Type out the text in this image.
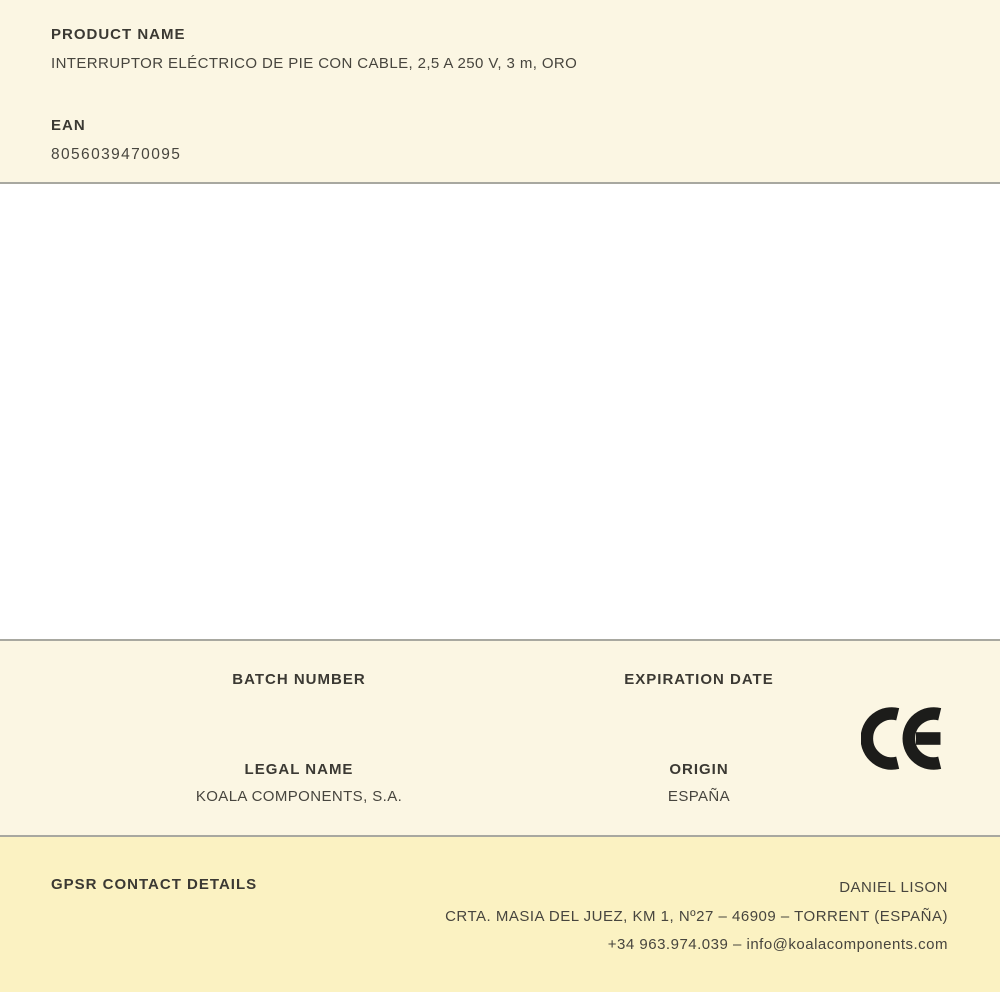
PRODUCT NAME
INTERRUPTOR ELÉCTRICO DE PIE CON CABLE, 2,5 A 250 V, 3 m, ORO
EAN
8056039470095
BATCH NUMBER	EXPIRATION DATE
LEGAL NAME
KOALA COMPONENTS, S.A.
ORIGIN
ESPAÑA
GPSR CONTACT DETAILS	DANIEL LISON
CRTA. MASIA DEL JUEZ, KM 1, Nº27 – 46909 – TORRENT (ESPAÑA)
+34 963.974.039 – info@koalacomponents.com
